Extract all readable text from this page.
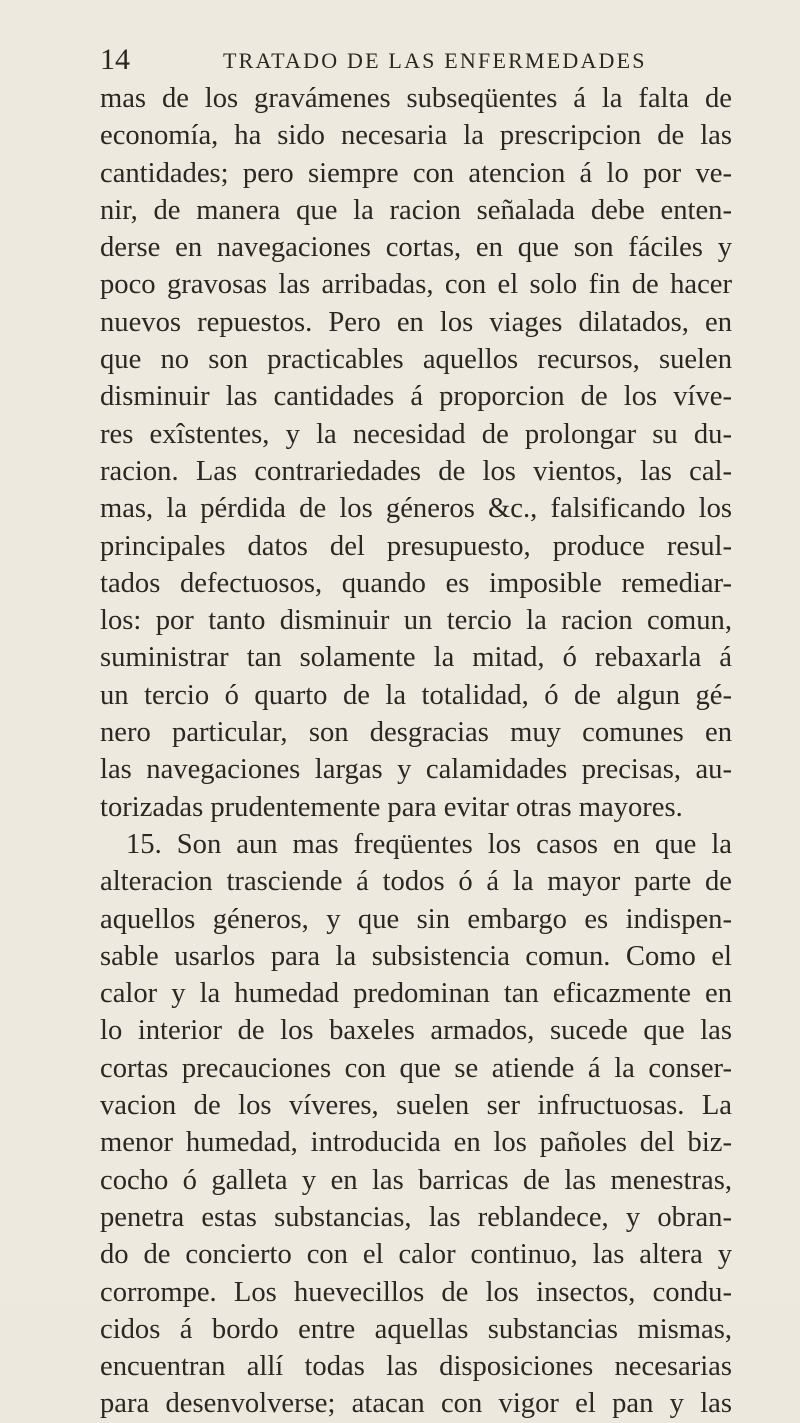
14	TRATADO DE LAS ENFERMEDADES
mas de los gravámenes subseqüentes á la falta de
economía, ha sido necesaria la prescripcion de las
cantidades; pero siempre con atencion á lo por ve-
nir, de manera que la racion señalada debe enten-
derse en navegaciones cortas, en que son fáciles y
poco gravosas las arribadas, con el solo fin de hacer
nuevos repuestos. Pero en los viages dilatados, en
que no son practicables aquellos recursos, suelen
disminuir las cantidades á proporcion de los víve-
res exîstentes, y la necesidad de prolongar su du-
racion. Las contrariedades de los vientos, las cal-
mas, la pérdida de los géneros &c., falsificando los
principales datos del presupuesto, produce resul-
tados defectuosos, quando es imposible remediar-
los: por tanto disminuir un tercio la racion comun,
suministrar tan solamente la mitad, ó rebaxarla á
un tercio ó quarto de la totalidad, ó de algun gé-
nero particular, son desgracias muy comunes en
las navegaciones largas y calamidades precisas, au-
torizadas prudentemente para evitar otras mayores.
15. Son aun mas freqüentes los casos en que la
alteracion trasciende á todos ó á la mayor parte de
aquellos géneros, y que sin embargo es indispen-
sable usarlos para la subsistencia comun. Como el
calor y la humedad predominan tan eficazmente en
lo interior de los baxeles armados, sucede que las
cortas precauciones con que se atiende á la conser-
vacion de los víveres, suelen ser infructuosas. La
menor humedad, introducida en los pañoles del biz-
cocho ó galleta y en las barricas de las menestras,
penetra estas substancias, las reblandece, y obran-
do de concierto con el calor continuo, las altera y
corrompe. Los huevecillos de los insectos, condu-
cidos á bordo entre aquellas substancias mismas,
encuentran allí todas las disposiciones necesarias
para desenvolverse; atacan con vigor el pan y las
